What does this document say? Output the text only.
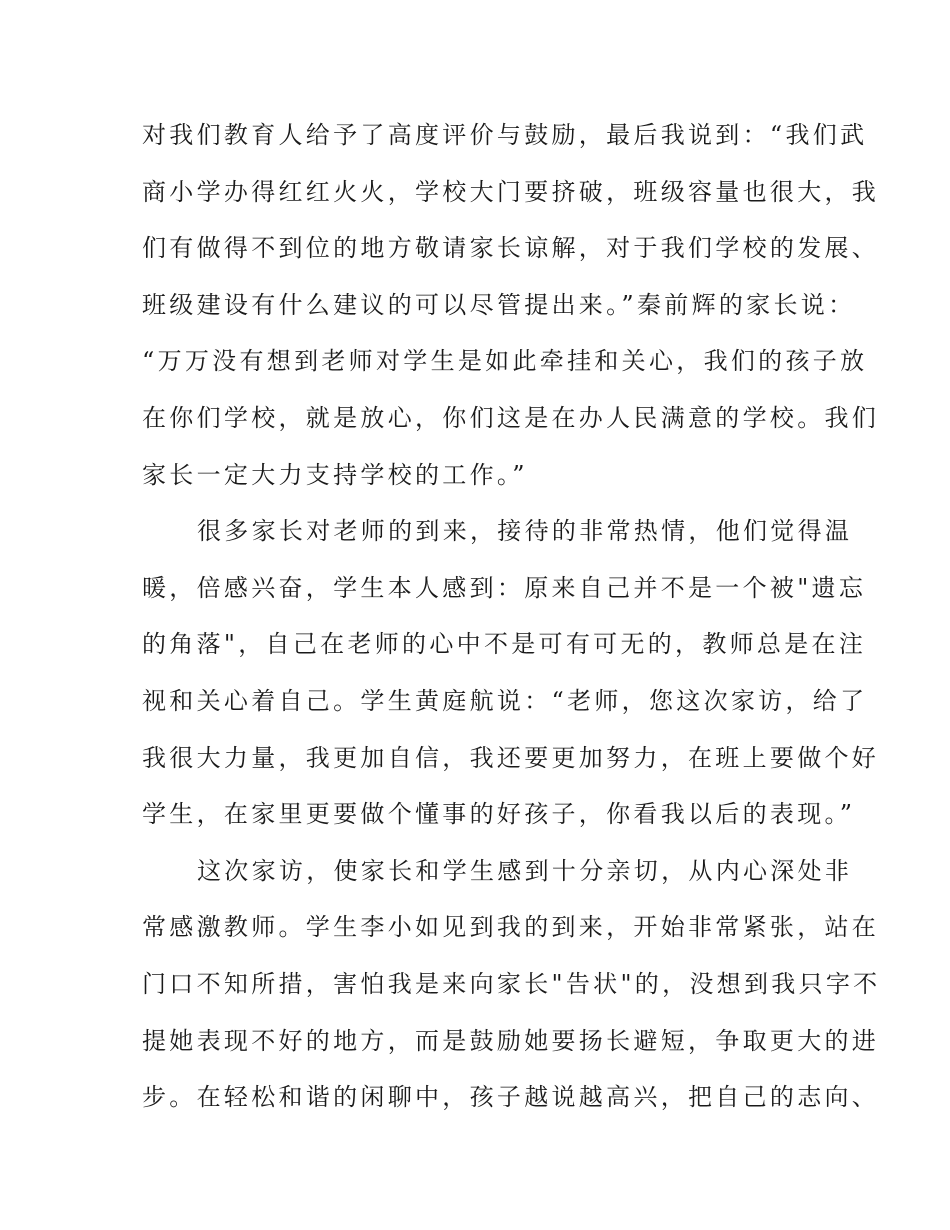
对我们教育人给予了高度评价与鼓励，最后我说到：“我们武
商小学办得红红火火，学校大门要挤破，班级容量也很大，我
们有做得不到位的地方敬请家长谅解，对于我们学校的发展、
班级建设有什么建议的可以尽管提出来。”秦前辉的家长说：
“万万没有想到老师对学生是如此牵挂和关心，我们的孩子放
在你们学校，就是放心，你们这是在办人民满意的学校。我们
家长一定大力支持学校的工作。”
很多家长对老师的到来，接待的非常热情，他们觉得温
暖，倍感兴奋，学生本人感到：原来自己并不是一个被"遗忘
的角落"，自己在老师的心中不是可有可无的，教师总是在注
视和关心着自己。学生黄庭航说：“老师，您这次家访，给了
我很大力量，我更加自信，我还要更加努力，在班上要做个好
学生，在家里更要做个懂事的好孩子，你看我以后的表现。”
这次家访，使家长和学生感到十分亲切，从内心深处非
常感激教师。学生李小如见到我的到来，开始非常紧张，站在
门口不知所措，害怕我是来向家长"告状"的，没想到我只字不
提她表现不好的地方，而是鼓励她要扬长避短，争取更大的进
步。在轻松和谐的闲聊中，孩子越说越高兴，把自己的志向、
